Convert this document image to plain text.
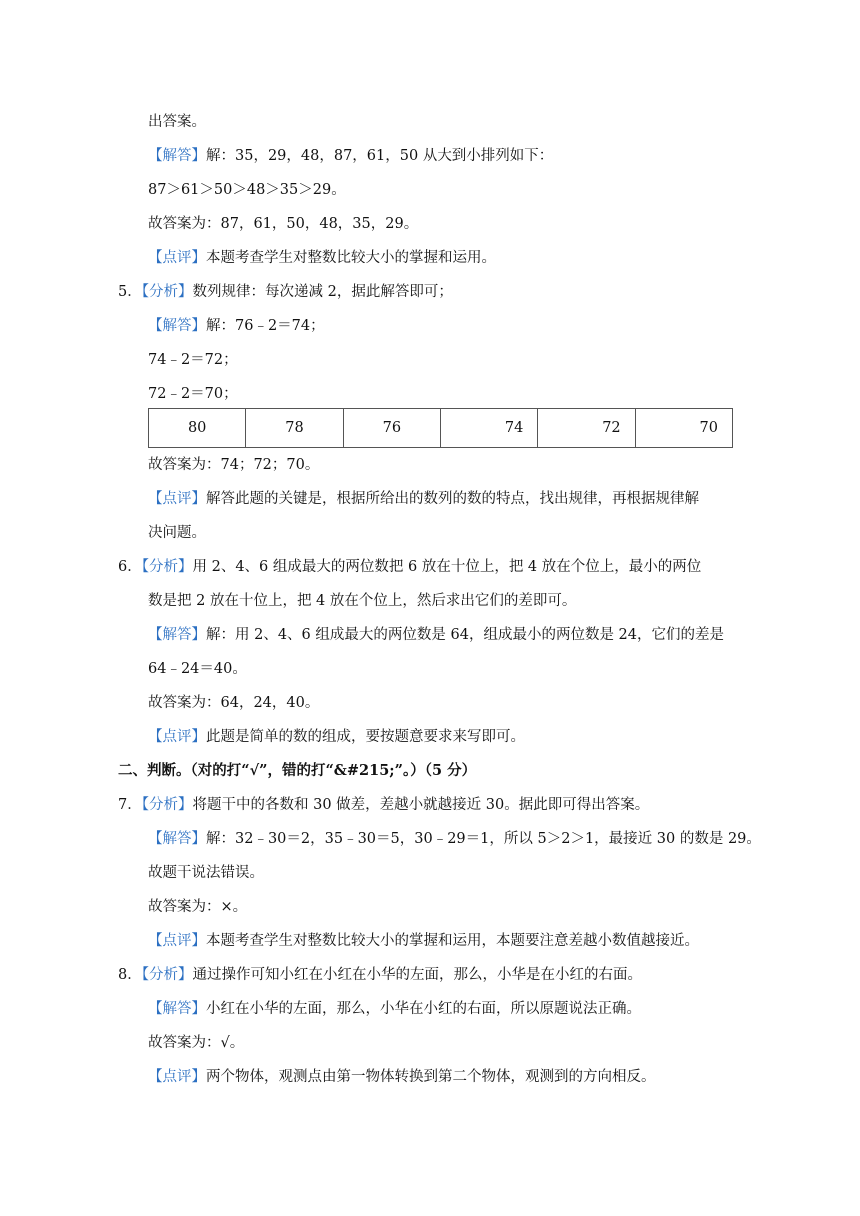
出答案。
【解答】解：35，29，48，87，61，50 从大到小排列如下：
87＞61＞50＞48＞35＞29。
故答案为：87，61，50，48，35，29。
【点评】本题考查学生对整数比较大小的掌握和运用。
5．【分析】数列规律：每次递减 2，据此解答即可；
【解答】解：76﹣2＝74；
74﹣2＝72；
72﹣2＝70；
80	78	76	74	72	70
故答案为：74；72；70。
【点评】解答此题的关键是，根据所给出的数列的数的特点，找出规律，再根据规律解
决问题。
6．【分析】用 2、4、6 组成最大的两位数把 6 放在十位上，把 4 放在个位上，最小的两位
数是把 2 放在十位上，把 4 放在个位上，然后求出它们的差即可。
【解答】解：用 2、4、6 组成最大的两位数是 64，组成最小的两位数是 24，它们的差是
64﹣24＝40。
故答案为：64，24，40。
【点评】此题是简单的数的组成，要按题意要求来写即可。
二、判断。（对的打“√”，错的打“&#215;”。）（5 分）
7．【分析】将题干中的各数和 30 做差，差越小就越接近 30。据此即可得出答案。
【解答】解：32﹣30＝2，35﹣30＝5，30﹣29＝1，所以 5＞2＞1，最接近 30 的数是 29。
故题干说法错误。
故答案为：×。
【点评】本题考查学生对整数比较大小的掌握和运用，本题要注意差越小数值越接近。
8．【分析】通过操作可知小红在小红在小华的左面，那么，小华是在小红的右面。
【解答】小红在小华的左面，那么，小华在小红的右面，所以原题说法正确。
故答案为：√。
【点评】两个物体，观测点由第一物体转换到第二个物体，观测到的方向相反。
